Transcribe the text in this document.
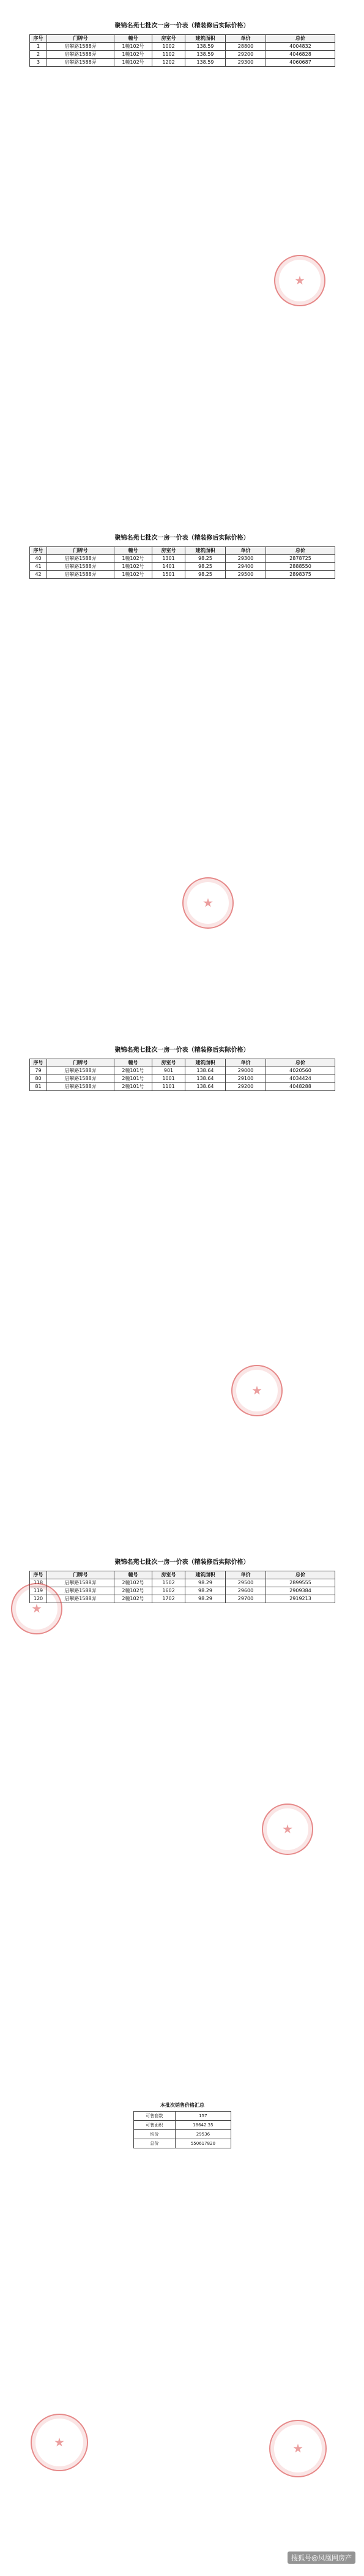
聚锦名苑七批次一房一价表（精装修后实际价格）
序号	门牌号	幢号	房室号	建筑面积	单价	总价
1	启攀路1588弄	1幢102号	1002	138.59	28800	4004832
2	启攀路1588弄	1幢102号	1102	138.59	29200	4046828
3	启攀路1588弄	1幢102号	1202	138.59	29300	4060687
聚锦名苑七批次一房一价表（精装修后实际价格）
序号	门牌号	幢号	房室号	建筑面积	单价	总价
40	启攀路1588弄	1幢102号	1301	98.25	29300	2878725
41	启攀路1588弄	1幢102号	1401	98.25	29400	2888550
42	启攀路1588弄	1幢102号	1501	98.25	29500	2898375
聚锦名苑七批次一房一价表（精装修后实际价格）
序号	门牌号	幢号	房室号	建筑面积	单价	总价
79	启攀路1588弄	2幢101号	901	138.64	29000	4020560
80	启攀路1588弄	2幢101号	1001	138.64	29100	4034424
81	启攀路1588弄	2幢101号	1101	138.64	29200	4048288
聚锦名苑七批次一房一价表（精装修后实际价格）
序号	门牌号	幢号	房室号	建筑面积	单价	总价
118	启攀路1588弄	2幢102号	1502	98.29	29500	2899555
119	启攀路1588弄	2幢102号	1602	98.29	29600	2909384
120	启攀路1588弄	2幢102号	1702	98.29	29700	2919213
本批次销售价格汇总
可售套数	157
可售面积	18642.35
均价	29536
总价	550617820
搜狐号@凤凰网房产
